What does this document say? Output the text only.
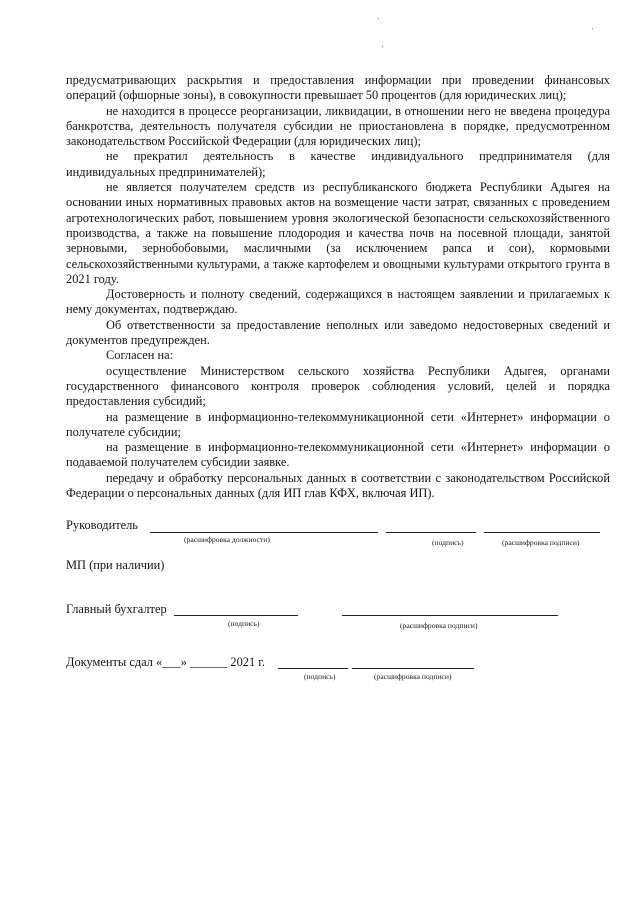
предусматривающих раскрытия и предоставления информации при проведении финансовых операций (офшорные зоны), в совокупности превышает 50 процентов (для юридических лиц);

не находится в процессе реорганизации, ликвидации, в отношении него не введена процедура банкротства, деятельность получателя субсидии не приостановлена в порядке, предусмотренном законодательством Российской Федерации (для юридических лиц);

не прекратил деятельность в качестве индивидуального предпринимателя (для индивидуальных предпринимателей);

не является получателем средств из республиканского бюджета Республики Адыгея на основании иных нормативных правовых актов на возмещение части затрат, связанных с проведением агротехнологических работ, повышением уровня экологической безопасности сельскохозяйственного производства, а также на повышение плодородия и качества почв на посевной площади, занятой зерновыми, зернобобовыми, масличными (за исключением рапса и сои), кормовыми сельскохозяйственными культурами, а также картофелем и овощными культурами открытого грунта в 2021 году.

Достоверность и полноту сведений, содержащихся в настоящем заявлении и прилагаемых к нему документах, подтверждаю.

Об ответственности за предоставление неполных или заведомо недостоверных сведений и документов предупрежден.

Согласен на:

осуществление Министерством сельского хозяйства Республики Адыгея, органами государственного финансового контроля проверок соблюдения условий, целей и порядка предоставления субсидий;

на размещение в информационно-телекоммуникационной сети «Интернет» информации о получателе субсидии;

на размещение в информационно-телекоммуникационной сети «Интернет» информации о подаваемой получателем субсидии заявке.

передачу и обработку персональных данных в соответствии с законодательством Российской Федерации о персональных данных (для ИП глав КФХ, включая ИП).

Руководитель
(расшифровка должности)	(подпись)	(расшифровка подписи)
МП (при наличии)
Главный бухгалтер
(подпись)	(расшифровка подписи)
Документы сдал «___» ______ 2021 г.
(подпись)	(расшифровка подписи)
